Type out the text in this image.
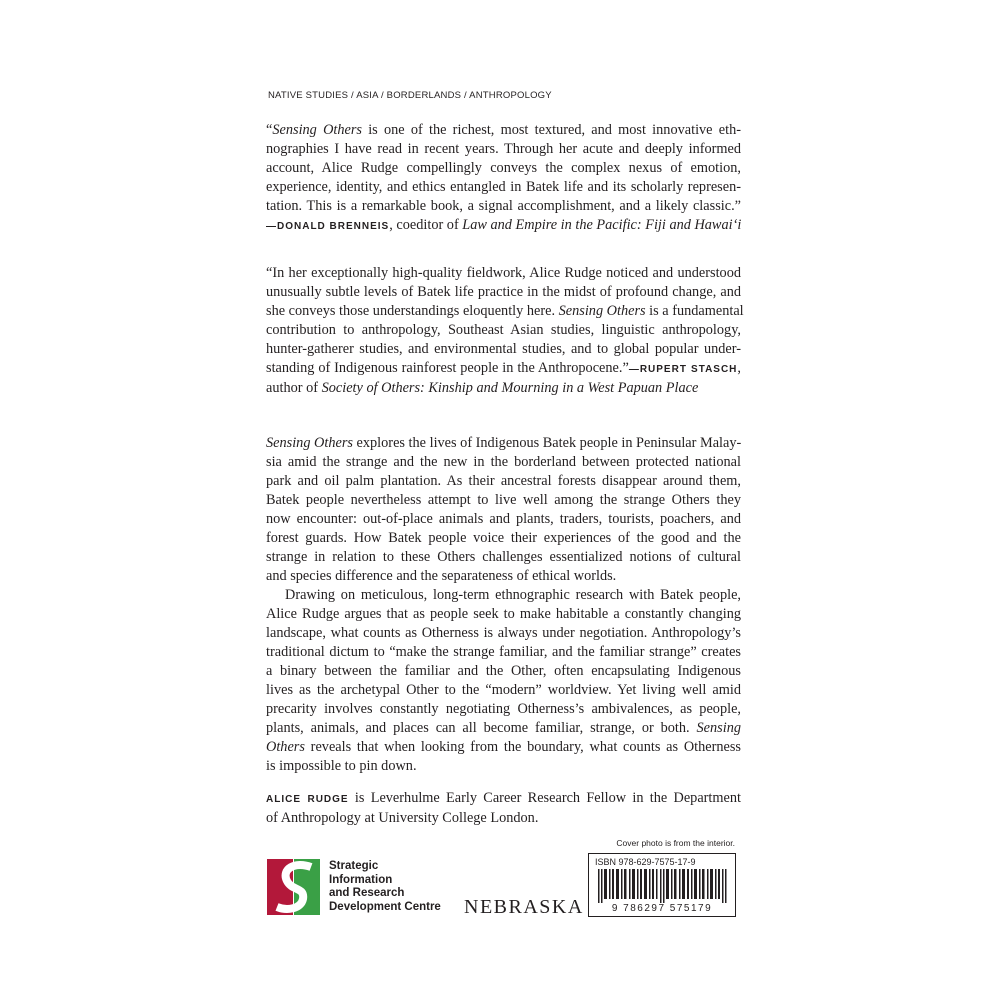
NATIVE STUDIES / ASIA / BORDERLANDS / ANTHROPOLOGY
“Sensing Others is one of the richest, most textured, and most innovative eth-
nographies I have read in recent years. Through her acute and deeply informed
account, Alice Rudge compellingly conveys the complex nexus of emotion,
experience, identity, and ethics entangled in Batek life and its scholarly represen-
tation. This is a remarkable book, a signal accomplishment, and a likely classic.”
—DONALD BRENNEIS, coeditor of Law and Empire in the Pacific: Fiji and Hawai‘i
“In her exceptionally high-quality fieldwork, Alice Rudge noticed and understood
unusually subtle levels of Batek life practice in the midst of profound change, and
she conveys those understandings eloquently here. Sensing Others is a fundamental
contribution to anthropology, Southeast Asian studies, linguistic anthropology,
hunter-gatherer studies, and environmental studies, and to global popular under-
standing of Indigenous rainforest people in the Anthropocene.”—RUPERT STASCH,
author of Society of Others: Kinship and Mourning in a West Papuan Place
Sensing Others explores the lives of Indigenous Batek people in Peninsular Malay-
sia amid the strange and the new in the borderland between protected national
park and oil palm plantation. As their ancestral forests disappear around them,
Batek people nevertheless attempt to live well among the strange Others they
now encounter: out-of-place animals and plants, traders, tourists, poachers, and
forest guards. How Batek people voice their experiences of the good and the
strange in relation to these Others challenges essentialized notions of cultural
and species difference and the separateness of ethical worlds.
Drawing on meticulous, long-term ethnographic research with Batek people,
Alice Rudge argues that as people seek to make habitable a constantly changing
landscape, what counts as Otherness is always under negotiation. Anthropology’s
traditional dictum to “make the strange familiar, and the familiar strange” creates
a binary between the familiar and the Other, often encapsulating Indigenous
lives as the archetypal Other to the “modern” worldview. Yet living well amid
precarity involves constantly negotiating Otherness’s ambivalences, as people,
plants, animals, and places can all become familiar, strange, or both. Sensing
Others reveals that when looking from the boundary, what counts as Otherness
is impossible to pin down.
ALICE RUDGE is Leverhulme Early Career Research Fellow in the Department
of Anthropology at University College London.
Cover photo is from the interior.
Strategic
Information
and Research
Development Centre NEBRASKA
ISBN 978-629-7575-17-9
9 786297 575179
